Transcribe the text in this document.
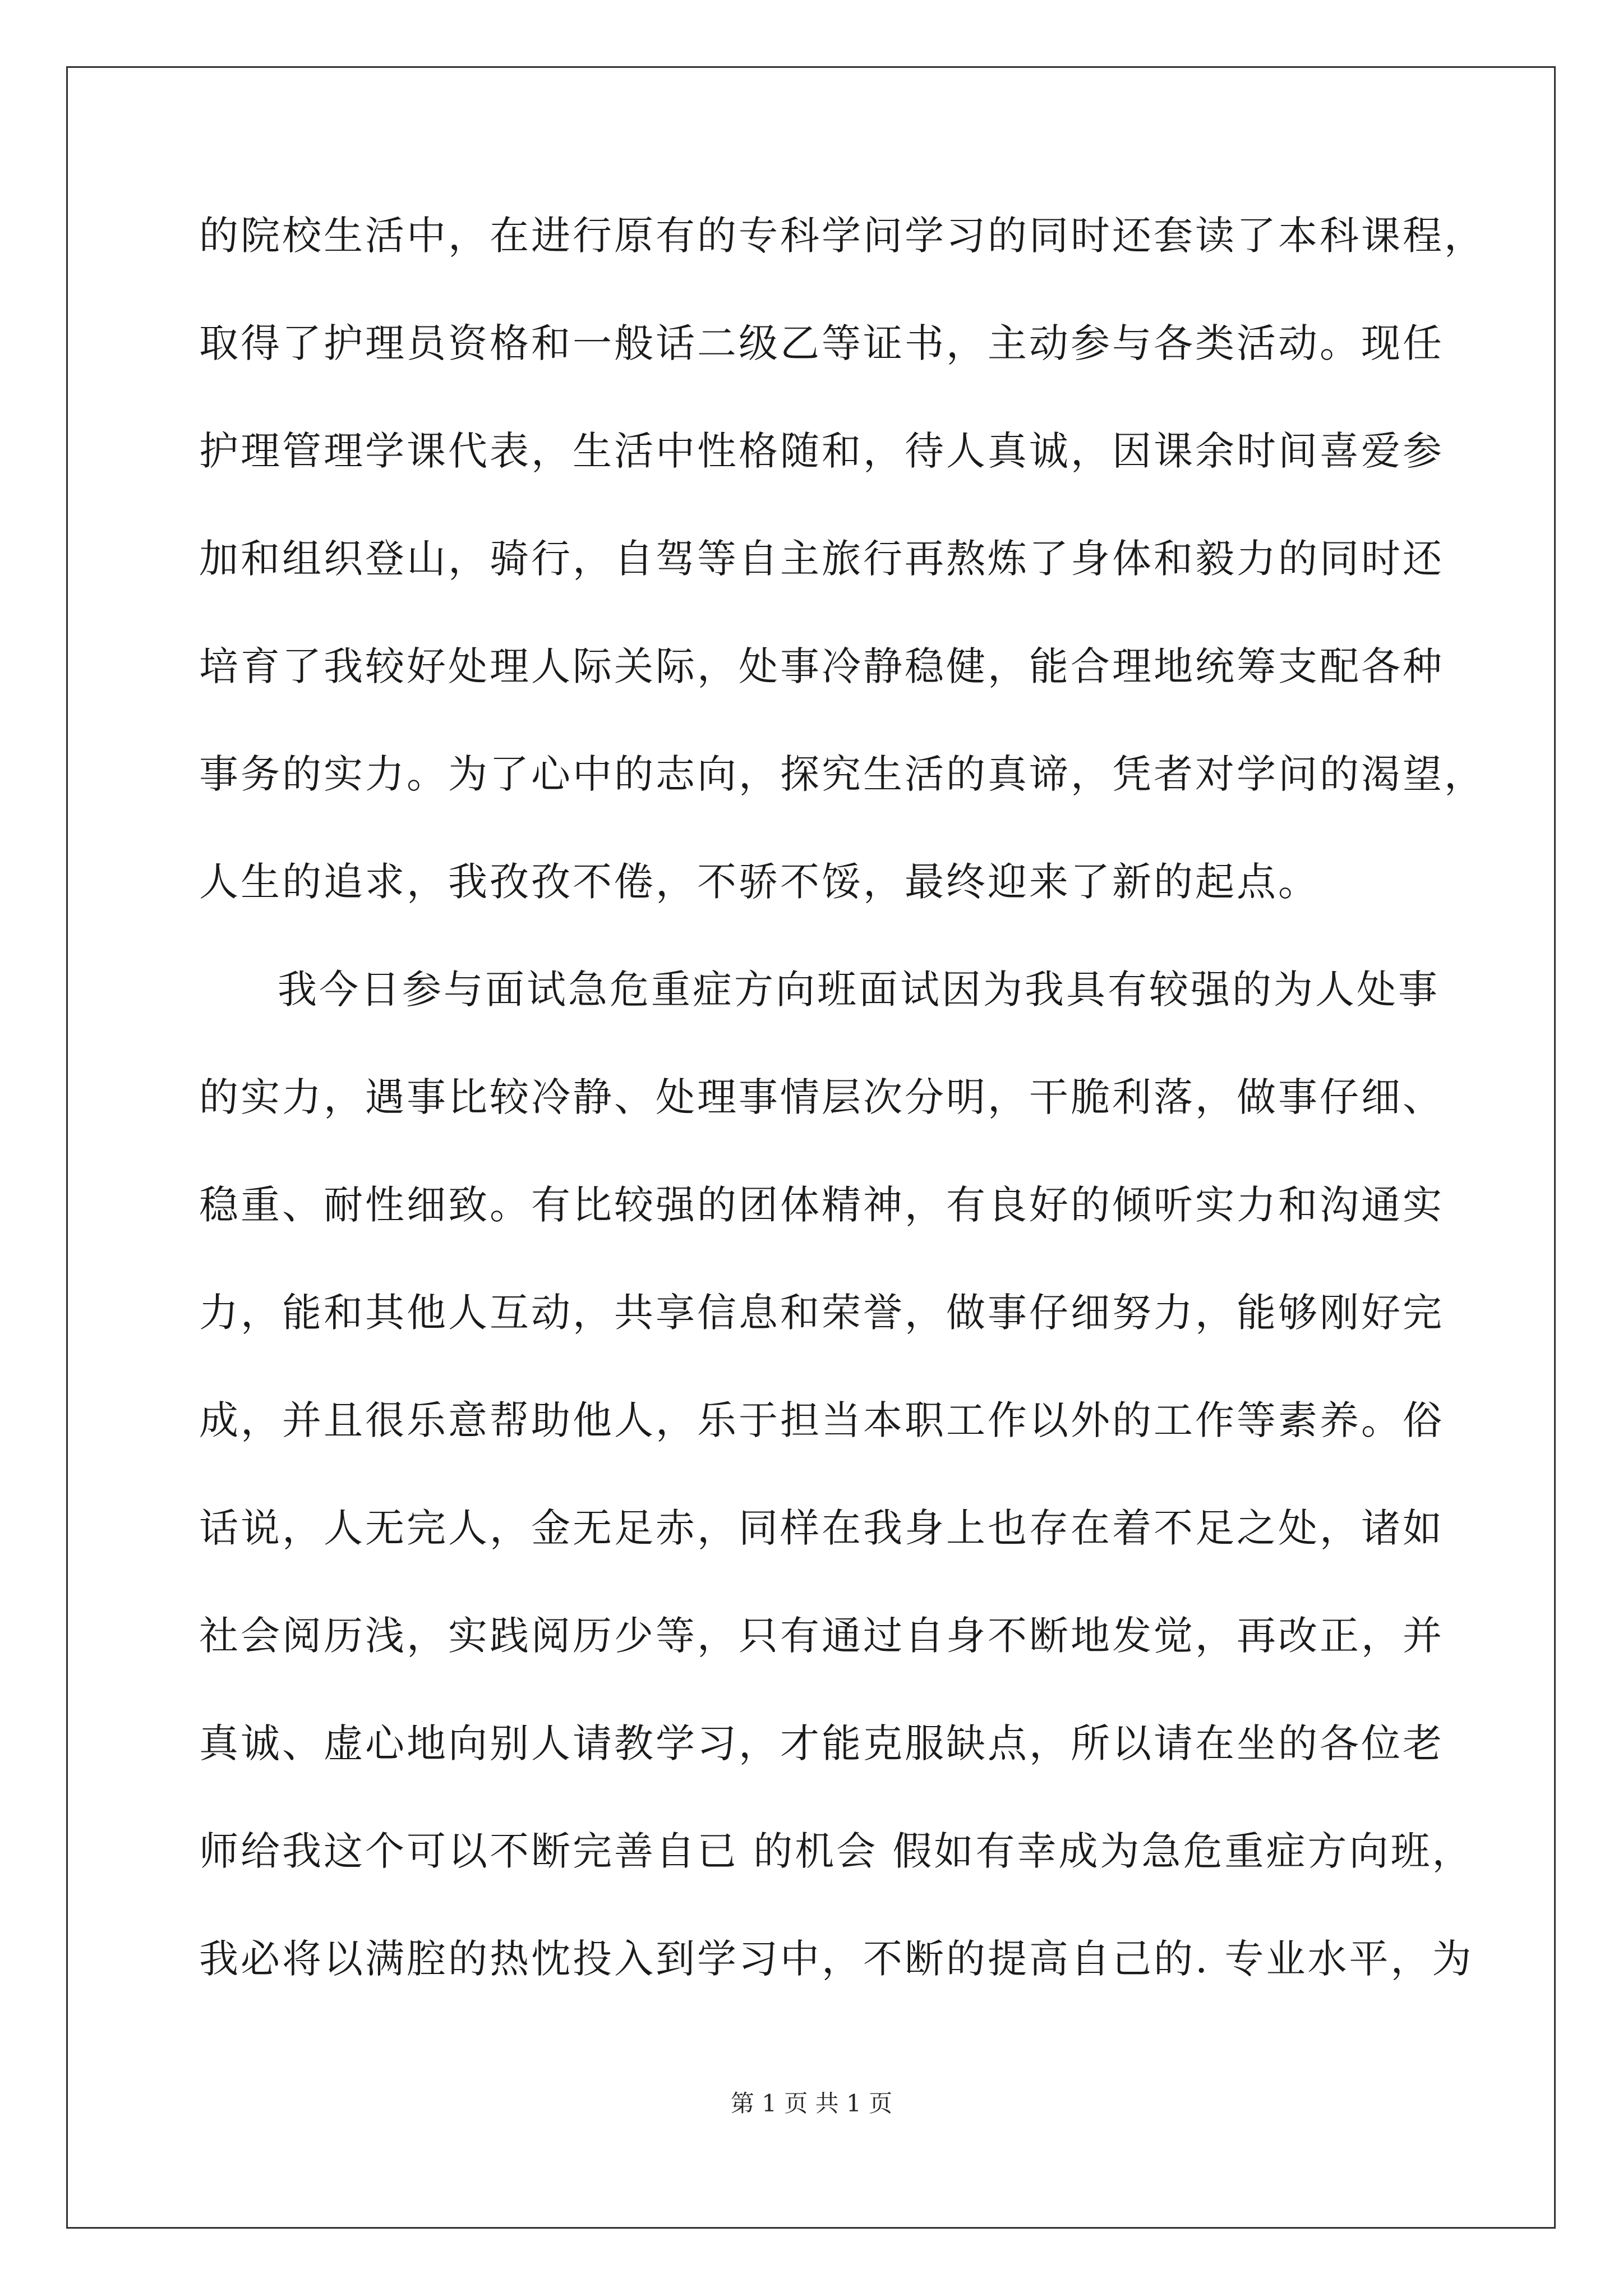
的院校生活中，在进行原有的专科学问学习的同时还套读了本科课程，
取得了护理员资格和一般话二级乙等证书，主动参与各类活动。现任
护理管理学课代表，生活中性格随和，待人真诚，因课余时间喜爱参
加和组织登山，骑行，自驾等自主旅行再熬炼了身体和毅力的同时还
培育了我较好处理人际关际，处事冷静稳健，能合理地统筹支配各种
事务的实力。为了心中的志向，探究生活的真谛，凭者对学问的渴望，
人生的追求，我孜孜不倦，不骄不馁，最终迎来了新的起点。
我今日参与面试急危重症方向班面试因为我具有较强的为人处事
的实力，遇事比较冷静、处理事情层次分明，干脆利落，做事仔细、
稳重、耐性细致。有比较强的团体精神，有良好的倾听实力和沟通实
力，能和其他人互动，共享信息和荣誉，做事仔细努力，能够刚好完
成，并且很乐意帮助他人，乐于担当本职工作以外的工作等素养。俗
话说，人无完人，金无足赤，同样在我身上也存在着不足之处，诸如
社会阅历浅，实践阅历少等，只有通过自身不断地发觉，再改正，并
真诚、虚心地向别人请教学习，才能克服缺点，所以请在坐的各位老
师给我这个可以不断完善自已 的机会 假如有幸成为急危重症方向班，
我必将以满腔的热忱投入到学习中，不断的提高自己的. 专业水平，为
第 1 页 共 1 页
